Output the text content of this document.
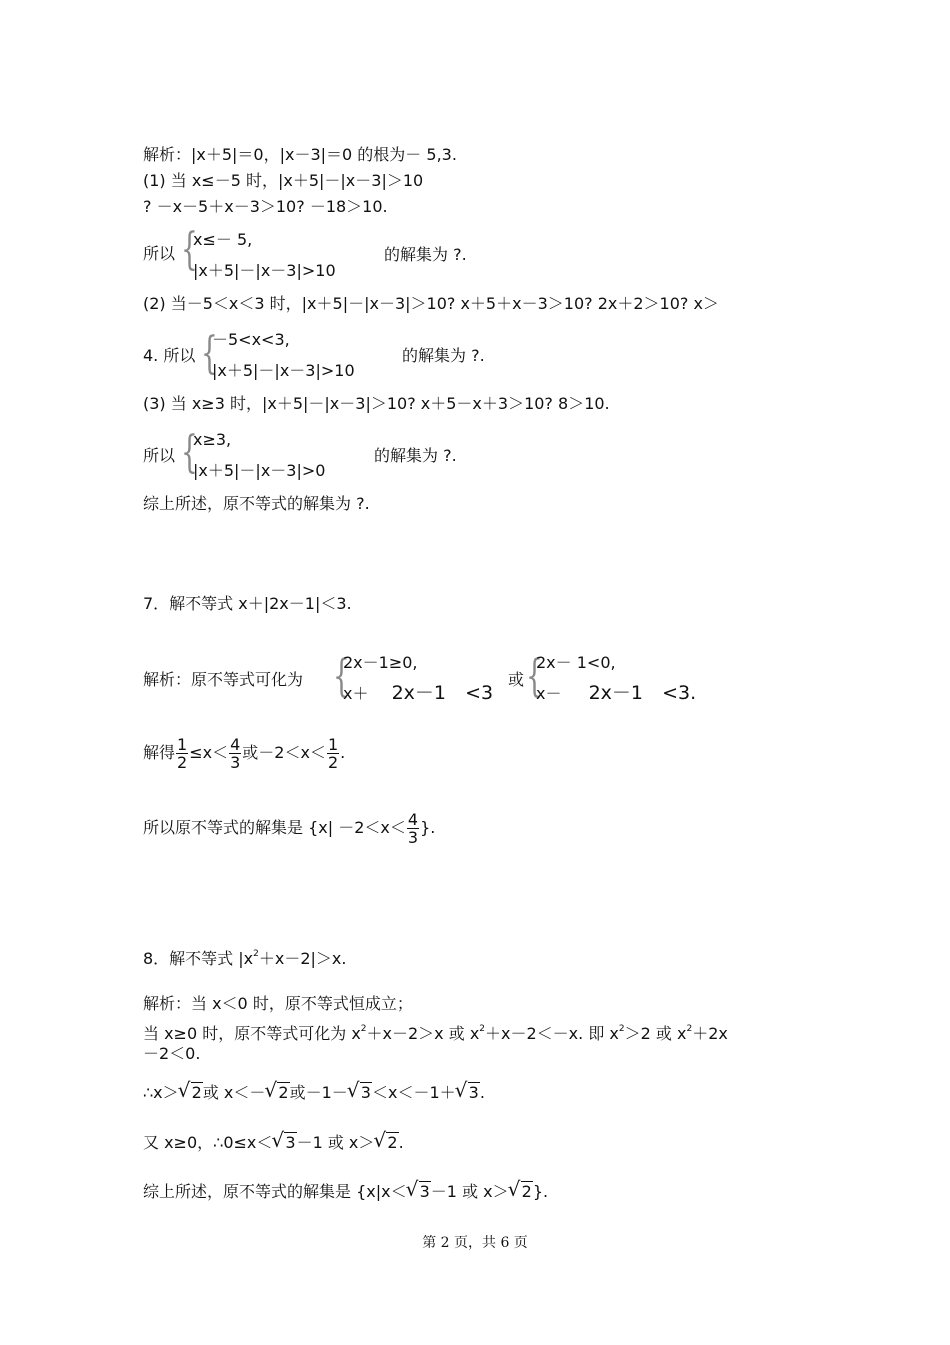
解析：|x＋5|＝0，|x－3|＝0 的根为－ 5,3.
(1) 当 x≤－5 时，|x＋5|－|x－3|＞10
? －x－5＋x－3＞10? －18＞10.
所以 {
x≤－ 5,
|x＋5|－|x－3|>10
的解集为 ?.
(2) 当－5＜x＜3 时，|x＋5|－|x－3|＞10? x＋5＋x－3＞10? 2x＋2＞10? x＞
4. 所以 {
－5<x<3,
|x＋5|－|x－3|>10
的解集为 ?.
(3) 当 x≥3 时，|x＋5|－|x－3|＞10? x＋5－x＋3＞10? 8＞10.
所以 {
x≥3,
|x＋5|－|x－3|>0
的解集为 ?.
综上所述，原不等式的解集为 ?.
7．解不等式 x＋|2x－1|＜3.
解析：原不等式可化为 {
2x－1≥0,
x＋ 2x－1 <3
或 {
2x－ 1<0,
x－ 2x－1 <3.
解得 $\frac{1}{2} \le x< \frac{4}{3}$ 或$-2<x< \frac{1}{2}$ .
所以原不等式的解集是 {$x| -2<x< \frac{4}{3}$ }.
8．解不等式 $|x^2+x-2|>x$.
解析：当 x＜0 时，原不等式恒成立；
当 x≥0 时，原不等式可化为 $x^2+x-2>x$ 或 $x^2+x-2<-x$. 即 $x^2>2$ 或 $x^2+2x$
－2＜0.
∴x＞ √ 2或 x＜－ √ 2或－1－ √ 3＜x＜－1＋ √ 3.
又 x≥0，∴0≤x＜ √ 3－1 或 x＞ √ 2.
综上所述，原不等式的解集是 {x|x＜ √ 3－1 或 x＞ √ 2}.
第 2 页，共 6 页
